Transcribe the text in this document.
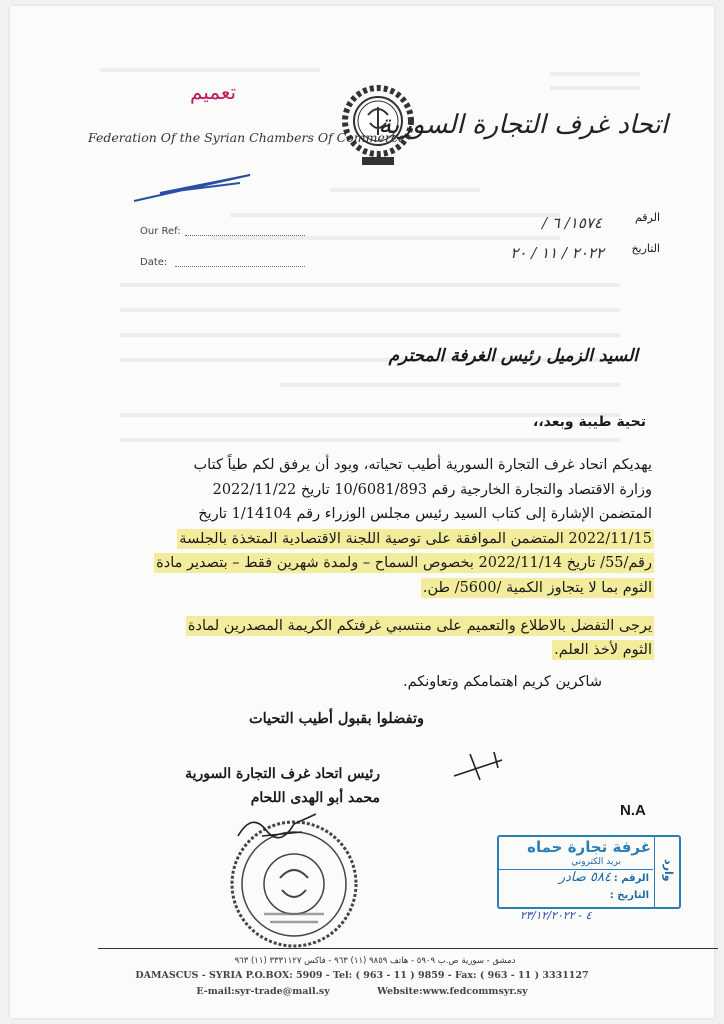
تعميم
Federation Of the Syrian Chambers Of Commerce
اتحاد غرف التجارة السورية
Our Ref:
Date:
الرقم
١٥٧٤/ ٦ /
التاريخ
٢٠٢٢ / ١١ / ٢٠
السيد الزميل رئيس الغرفة المحترم
تحية طيبة وبعد،،
يهديكم اتحاد غرف التجارة السورية أطيب تحياته، ويود أن يرفق لكم طياً كتاب
وزارة الاقتصاد والتجارة الخارجية رقم 10/6081/893 تاريخ 2022/11/22
المتضمن الإشارة إلى كتاب السيد رئيس مجلس الوزراء رقم 1/14104 تاريخ
2022/11/15 المتضمن الموافقة على توصية اللجنة الاقتصادية المتخذة بالجلسة
رقم/55/ تاريخ 2022/11/14 بخصوص السماح – ولمدة شهرين فقط – بتصدير مادة
الثوم بما لا يتجاوز الكمية /5600/ طن.
يرجى التفضل بالاطلاع والتعميم على منتسبي غرفتكم الكريمة المصدرين لمادة
الثوم لأخذ العلم.
شاكرين كريم اهتمامكم وتعاونكم.
وتفضلوا بقبول أطيب التحيات
رئيس اتحاد غرف التجارة السورية
محمد أبو الهدى اللحام
N.A
غرفة تجارة حماه
بريد الكتروني	وارد
الرقم :
٥٨٤ صادر
التاريخ :
٤ - ٢٣/١٢/٢٠٢٢
دمشق - سورية ص.ب ٥٩٠٩ - هاتف ٩٨٥٩ (١١) ٩٦٣ - فاكس ٣٣٣١١٢٧ (١١) ٩٦٣
DAMASCUS - SYRIA P.O.BOX: 5909 - Tel: ( 963 - 11 ) 9859 - Fax: ( 963 - 11 ) 3331127
E-mail:syr-trade@mail.sy	Website:www.fedcommsyr.sy
